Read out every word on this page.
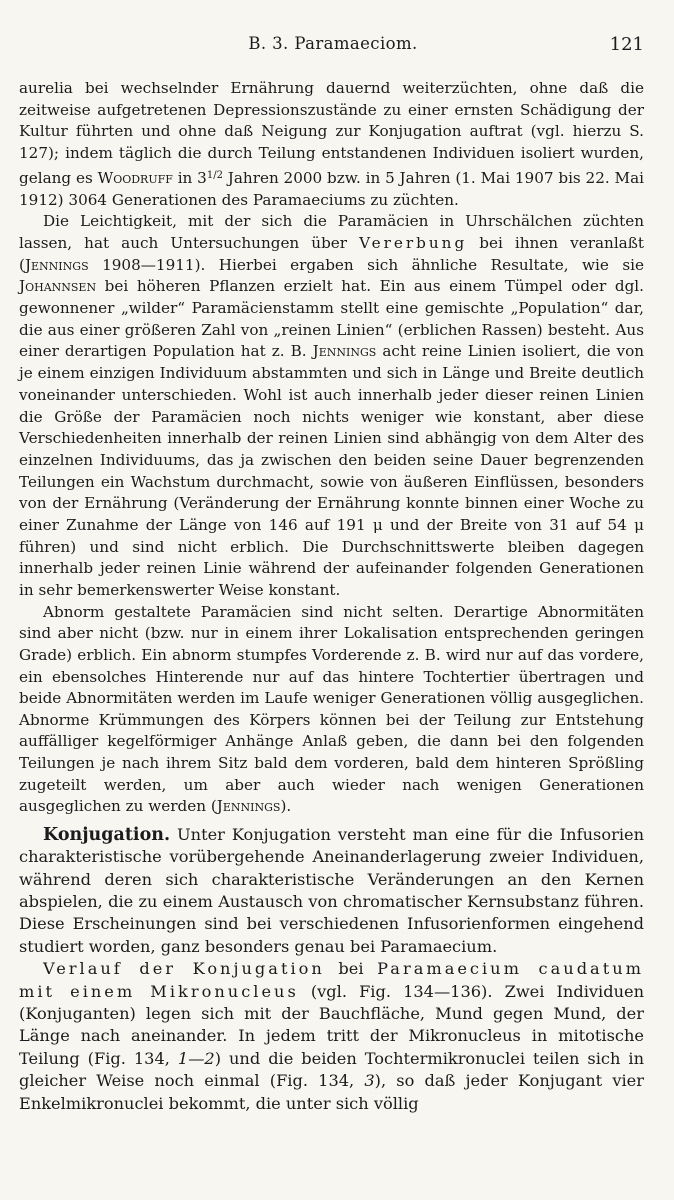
B. 3. Paramaeciom.	121

aurelia bei wechselnder Ernährung dauernd weiterzüchten, ohne daß die zeitweise aufgetretenen Depressionszustände zu einer ernsten Schädigung der Kultur führten und ohne daß Neigung zur Konjugation auftrat (vgl. hierzu S. 127); indem täglich die durch Teilung entstandenen Individuen isoliert wurden, gelang es Woodruff in $3^{1/2}$ Jahren 2000 bzw. in 5 Jahren (1. Mai 1907 bis 22. Mai 1912) 3064 Generationen des Paramaeciums zu züchten.

Die Leichtigkeit, mit der sich die Paramäcien in Uhrschälchen züchten lassen, hat auch Untersuchungen über Vererbung bei ihnen veranlaßt (Jennings 1908—1911). Hierbei ergaben sich ähnliche Resultate, wie sie Johannsen bei höheren Pflanzen erzielt hat. Ein aus einem Tümpel oder dgl. gewonnener „wilder“ Paramäcienstamm stellt eine gemischte „Population“ dar, die aus einer größeren Zahl von „reinen Linien“ (erblichen Rassen) besteht. Aus einer derartigen Population hat z. B. Jennings acht reine Linien isoliert, die von je einem einzigen Individuum abstammten und sich in Länge und Breite deutlich voneinander unterschieden. Wohl ist auch innerhalb jeder dieser reinen Linien die Größe der Paramäcien noch nichts weniger wie konstant, aber diese Verschiedenheiten innerhalb der reinen Linien sind abhängig von dem Alter des einzelnen Individuums, das ja zwischen den beiden seine Dauer begrenzenden Teilungen ein Wachstum durchmacht, sowie von äußeren Einflüssen, besonders von der Ernährung (Veränderung der Ernährung konnte binnen einer Woche zu einer Zunahme der Länge von 146 auf 191 μ und der Breite von 31 auf 54 μ führen) und sind nicht erblich. Die Durchschnittswerte bleiben dagegen innerhalb jeder reinen Linie während der aufeinander folgenden Generationen in sehr bemerkenswerter Weise konstant.

Abnorm gestaltete Paramäcien sind nicht selten. Derartige Abnormitäten sind aber nicht (bzw. nur in einem ihrer Lokalisation entsprechenden geringen Grade) erblich. Ein abnorm stumpfes Vorderende z. B. wird nur auf das vordere, ein ebensolches Hinterende nur auf das hintere Tochtertier übertragen und beide Abnormitäten werden im Laufe weniger Generationen völlig ausgeglichen. Abnorme Krümmungen des Körpers können bei der Teilung zur Entstehung auffälliger kegelförmiger Anhänge Anlaß geben, die dann bei den folgenden Teilungen je nach ihrem Sitz bald dem vorderen, bald dem hinteren Sprößling zugeteilt werden, um aber auch wieder nach wenigen Generationen ausgeglichen zu werden (Jennings).

Konjugation. Unter Konjugation versteht man eine für die Infusorien charakteristische vorübergehende Aneinanderlagerung zweier Individuen, während deren sich charakteristische Veränderungen an den Kernen abspielen, die zu einem Austausch von chromatischer Kernsubstanz führen. Diese Erscheinungen sind bei verschiedenen Infusorienformen eingehend studiert worden, ganz besonders genau bei Paramaecium.

Verlauf der Konjugation bei Paramaecium caudatum mit einem Mikronucleus (vgl. Fig. 134—136). Zwei Individuen (Konjuganten) legen sich mit der Bauchfläche, Mund gegen Mund, der Länge nach aneinander. In jedem tritt der Mikronucleus in mitotische Teilung (Fig. 134, 1—2) und die beiden Tochtermikronuclei teilen sich in gleicher Weise noch einmal (Fig. 134, 3), so daß jeder Konjugant vier Enkelmikronuclei bekommt, die unter sich völlig
